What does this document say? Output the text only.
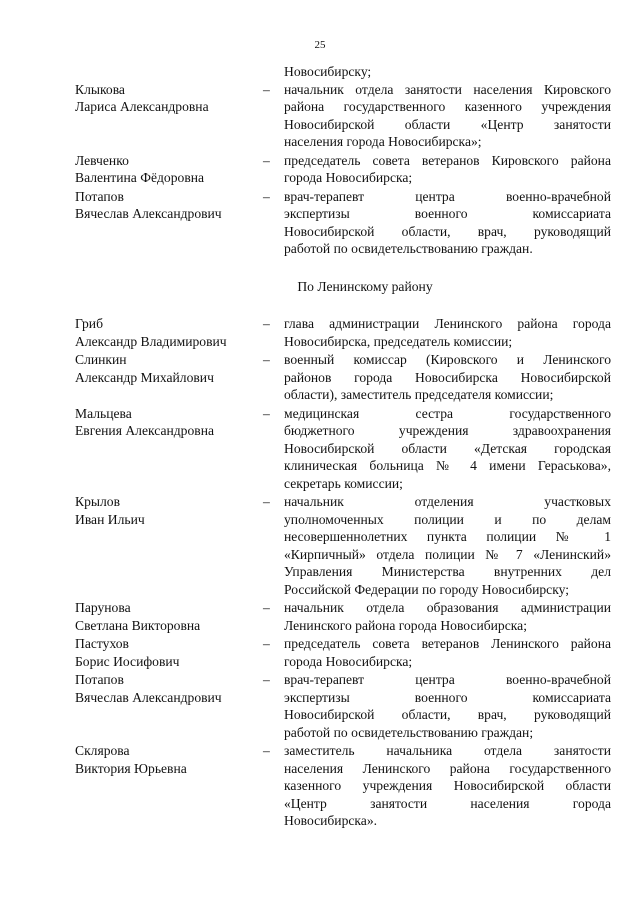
25
Новосибирску;
Клыкова
Лариса Александровна
–	начальник отдела занятости населения Кировского
района государственного казенного учреждения
Новосибирской области «Центр занятости
населения города Новосибирска»;
Левченко
Валентина Фёдоровна
–	председатель совета ветеранов Кировского района
города Новосибирска;
Потапов
Вячеслав Александрович
–	врач-терапевт центра военно-врачебной
экспертизы военного комиссариата
Новосибирской области, врач, руководящий
работой по освидетельствованию граждан.
По Ленинскому району
Гриб
Александр Владимирович
–	глава администрации Ленинского района города
Новосибирска, председатель комиссии;
Слинкин
Александр Михайлович
–	военный комиссар (Кировского и Ленинского
районов города Новосибирска Новосибирской
области), заместитель председателя комиссии;
Мальцева
Евгения Александровна
–	медицинская сестра государственного
бюджетного учреждения здравоохранения
Новосибирской области «Детская городская
клиническая больница № 4 имени Гераськова»,
секретарь комиссии;
Крылов
Иван Ильич
–	начальник отделения участковых
уполномоченных полиции и по делам
несовершеннолетних пункта полиции № 1
«Кирпичный» отдела полиции № 7 «Ленинский»
Управления Министерства внутренних дел
Российской Федерации по городу Новосибирску;
Парунова
Светлана Викторовна
–	начальник отдела образования администрации
Ленинского района города Новосибирска;
Пастухов
Борис Иосифович
–	председатель совета ветеранов Ленинского района
города Новосибирска;
Потапов
Вячеслав Александрович
–	врач-терапевт центра военно-врачебной
экспертизы военного комиссариата
Новосибирской области, врач, руководящий
работой по освидетельствованию граждан;
Склярова
Виктория Юрьевна
–	заместитель начальника отдела занятости
населения Ленинского района государственного
казенного учреждения Новосибирской области
«Центр занятости населения города
Новосибирска».
